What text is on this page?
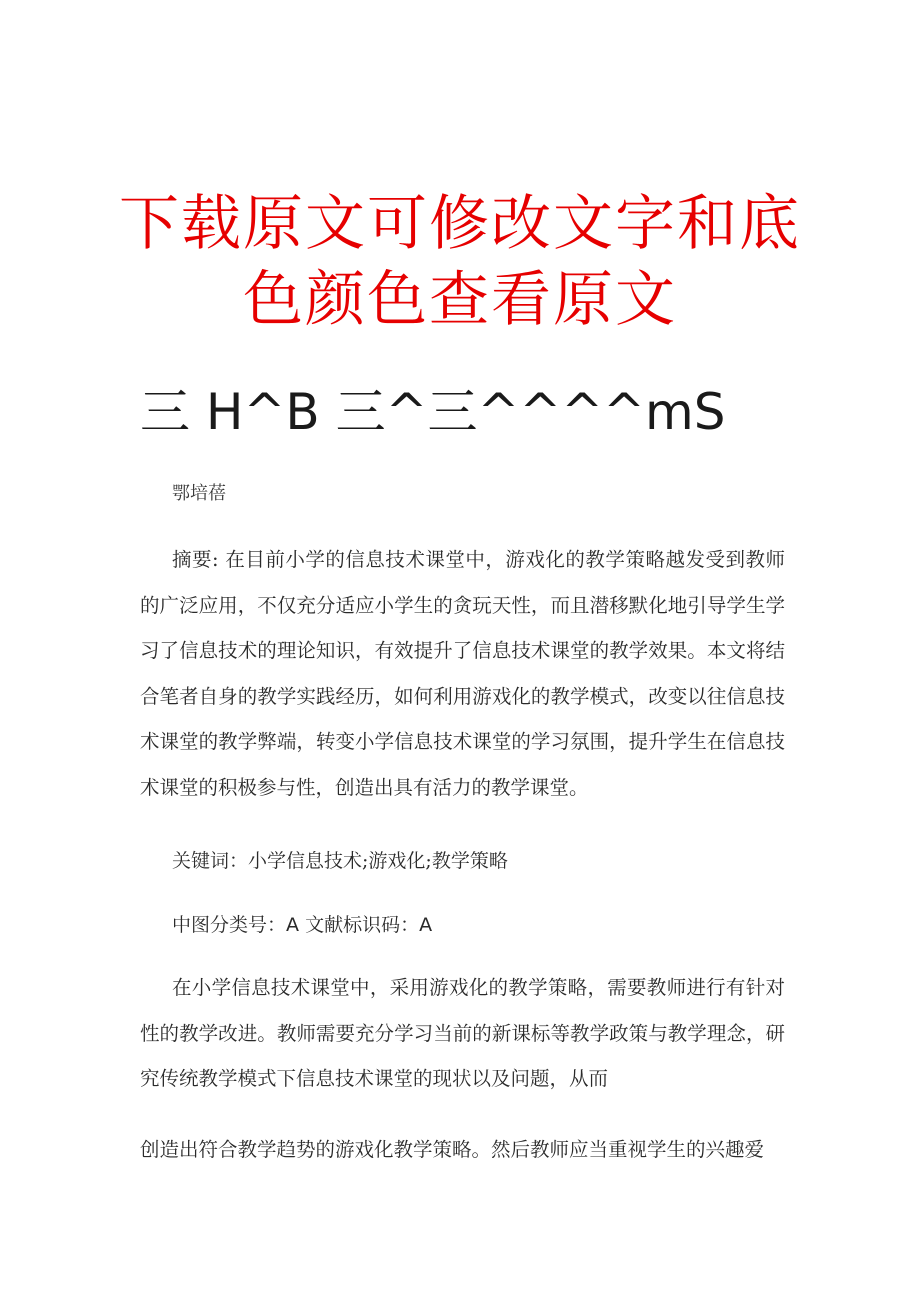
下载原文可修改文字和底色颜色查看原文
三 H^B 三^三^^^^mS
鄂培蓓

摘要: 在目前小学的信息技术课堂中，游戏化的教学策略越发受到教师的广泛应用，不仅充分适应小学生的贪玩天性，而且潜移默化地引导学生学习了信息技术的理论知识，有效提升了信息技术课堂的教学效果。本文将结合笔者自身的教学实践经历，如何利用游戏化的教学模式，改变以往信息技术课堂的教学弊端，转变小学信息技术课堂的学习氛围，提升学生在信息技术课堂的积极参与性，创造出具有活力的教学课堂。

关键词：小学信息技术;游戏化;教学策略
中图分类号：A 文献标识码：A

在小学信息技术课堂中，采用游戏化的教学策略，需要教师进行有针对性的教学改进。教师需要充分学习当前的新课标等教学政策与教学理念，研究传统教学模式下信息技术课堂的现状以及问题，从而

创造出符合教学趋势的游戏化教学策略。然后教师应当重视学生的兴趣爱
